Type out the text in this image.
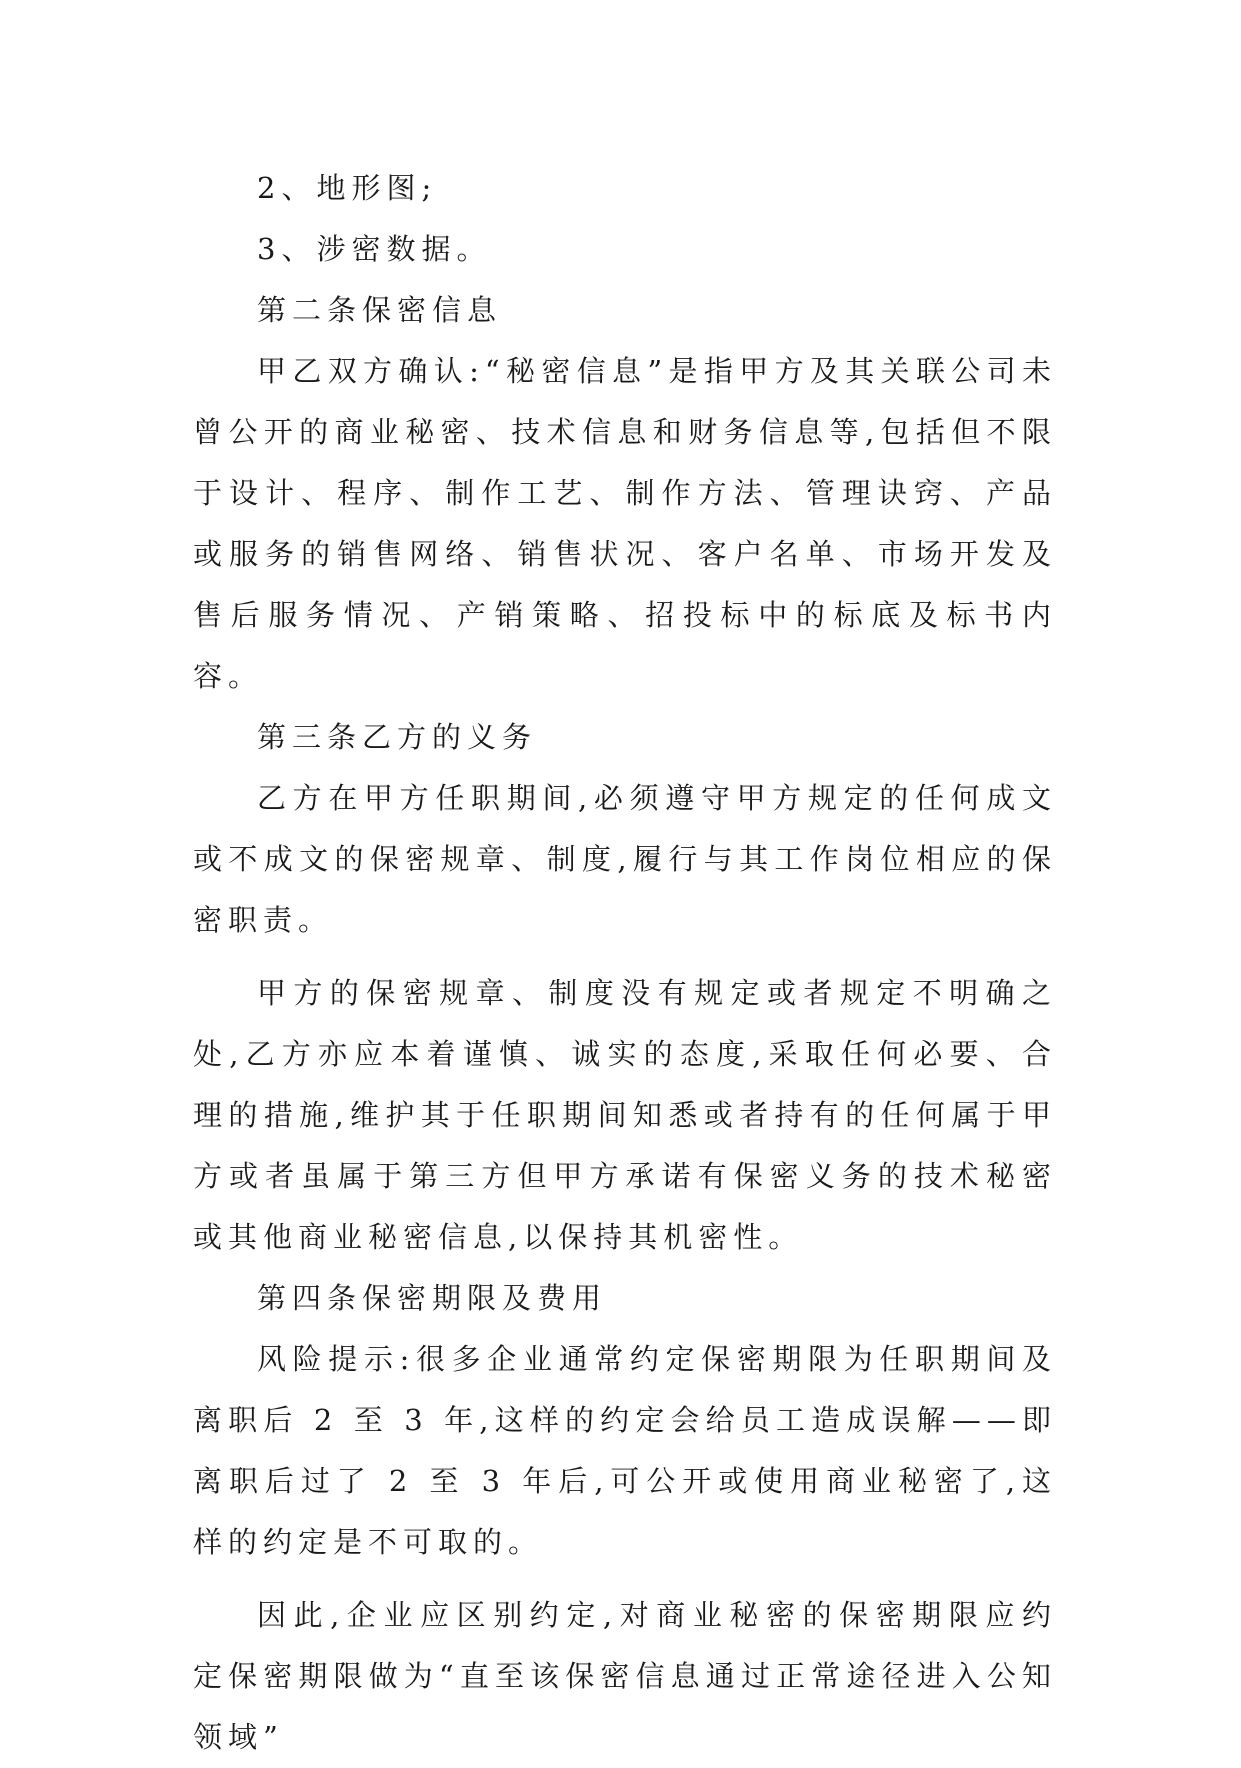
2、地形图;

3、涉密数据。

第二条保密信息

甲乙双方确认:“秘密信息”是指甲方及其关联公司未曾公开的商业秘密、技术信息和财务信息等,包括但不限于设计、程序、制作工艺、制作方法、管理诀窍、产品或服务的销售网络、销售状况、客户名单、市场开发及售后服务情况、产销策略、招投标中的标底及标书内容。

第三条乙方的义务

乙方在甲方任职期间,必须遵守甲方规定的任何成文或不成文的保密规章、制度,履行与其工作岗位相应的保密职责。

甲方的保密规章、制度没有规定或者规定不明确之处,乙方亦应本着谨慎、诚实的态度,采取任何必要、合理的措施,维护其于任职期间知悉或者持有的任何属于甲方或者虽属于第三方但甲方承诺有保密义务的技术秘密或其他商业秘密信息,以保持其机密性。

第四条保密期限及费用

风险提示:很多企业通常约定保密期限为任职期间及离职后 2 至 3 年,这样的约定会给员工造成误解——即离职后过了 2 至 3 年后,可公开或使用商业秘密了,这样的约定是不可取的。

因此,企业应区别约定,对商业秘密的保密期限应约定保密期限做为“直至该保密信息通过正常途径进入公知领域”
